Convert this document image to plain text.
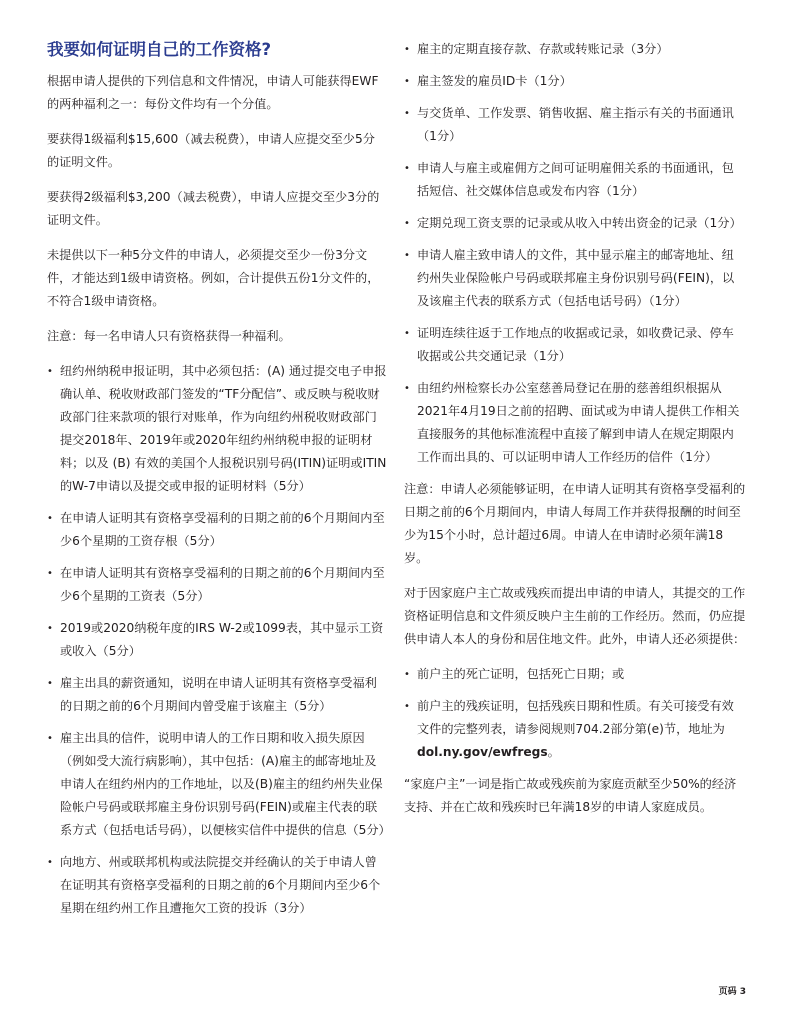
我要如何证明自己的工作资格?

根据申请人提供的下列信息和文件情况，申请人可能获得EWF的两种福利之一：每份文件均有一个分值。

要获得1级福利$15,600（减去税费），申请人应提交至少5分的证明文件。

要获得2级福利$3,200（减去税费），申请人应提交至少3分的证明文件。

未提供以下一种5分文件的申请人，必须提交至少一份3分文件，才能达到1级申请资格。例如，合计提供五份1分文件的，不符合1级申请资格。

注意：每一名申请人只有资格获得一种福利。

• 纽约州纳税申报证明，其中必须包括：(A) 通过提交电子申报确认单、税收财政部门签发的“TF分配信”、或反映与税收财政部门往来款项的银行对账单，作为向纽约州税收财政部门提交2018年、2019年或2020年纽约州纳税申报的证明材料；以及 (B) 有效的美国个人报税识别号码(ITIN)证明或ITIN的W-7申请以及提交或申报的证明材料（5分）
• 在申请人证明其有资格享受福利的日期之前的6个月期间内至少6个星期的工资存根（5分）
• 在申请人证明其有资格享受福利的日期之前的6个月期间内至少6个星期的工资表（5分）
• 2019或2020纳税年度的IRS W-2或1099表，其中显示工资或收入（5分）
• 雇主出具的薪资通知，说明在申请人证明其有资格享受福利的日期之前的6个月期间内曾受雇于该雇主（5分）
• 雇主出具的信件，说明申请人的工作日期和收入损失原因（例如受大流行病影响），其中包括：(A)雇主的邮寄地址及申请人在纽约州内的工作地址，以及(B)雇主的纽约州失业保险帐户号码或联邦雇主身份识别号码(FEIN)或雇主代表的联系方式（包括电话号码），以便核实信件中提供的信息（5分）
• 向地方、州或联邦机构或法院提交并经确认的关于申请人曾在证明其有资格享受福利的日期之前的6个月期间内至少6个星期在纽约州工作且遭拖欠工资的投诉（3分）
• 雇主的定期直接存款、存款或转账记录（3分）
• 雇主签发的雇员ID卡（1分）
• 与交货单、工作发票、销售收据、雇主指示有关的书面通讯（1分）
• 申请人与雇主或雇佣方之间可证明雇佣关系的书面通讯，包括短信、社交媒体信息或发布内容（1分）
• 定期兑现工资支票的记录或从收入中转出资金的记录（1分）
• 申请人雇主致申请人的文件，其中显示雇主的邮寄地址、纽约州失业保险帐户号码或联邦雇主身份识别号码(FEIN)，以及该雇主代表的联系方式（包括电话号码）（1分）
• 证明连续往返于工作地点的收据或记录，如收费记录、停车收据或公共交通记录（1分）
• 由纽约州检察长办公室慈善局登记在册的慈善组织根据从2021年4月19日之前的招聘、面试或为申请人提供工作相关直接服务的其他标准流程中直接了解到申请人在规定期限内工作而出具的、可以证明申请人工作经历的信件（1分）

注意：申请人必须能够证明，在申请人证明其有资格享受福利的日期之前的6个月期间内，申请人每周工作并获得报酬的时间至少为15个小时，总计超过6周。申请人在申请时必须年满18岁。

对于因家庭户主亡故或残疾而提出申请的申请人，其提交的工作资格证明信息和文件须反映户主生前的工作经历。然而，仍应提供申请人本人的身份和居住地文件。此外，申请人还必须提供：

• 前户主的死亡证明，包括死亡日期；或
• 前户主的残疾证明，包括残疾日期和性质。有关可接受有效文件的完整列表，请参阅规则704.2部分第(e)节，地址为dol.ny.gov/ewfregs。

“家庭户主”一词是指亡故或残疾前为家庭贡献至少50%的经济支持、并在亡故和残疾时已年满18岁的申请人家庭成员。

页码 3
